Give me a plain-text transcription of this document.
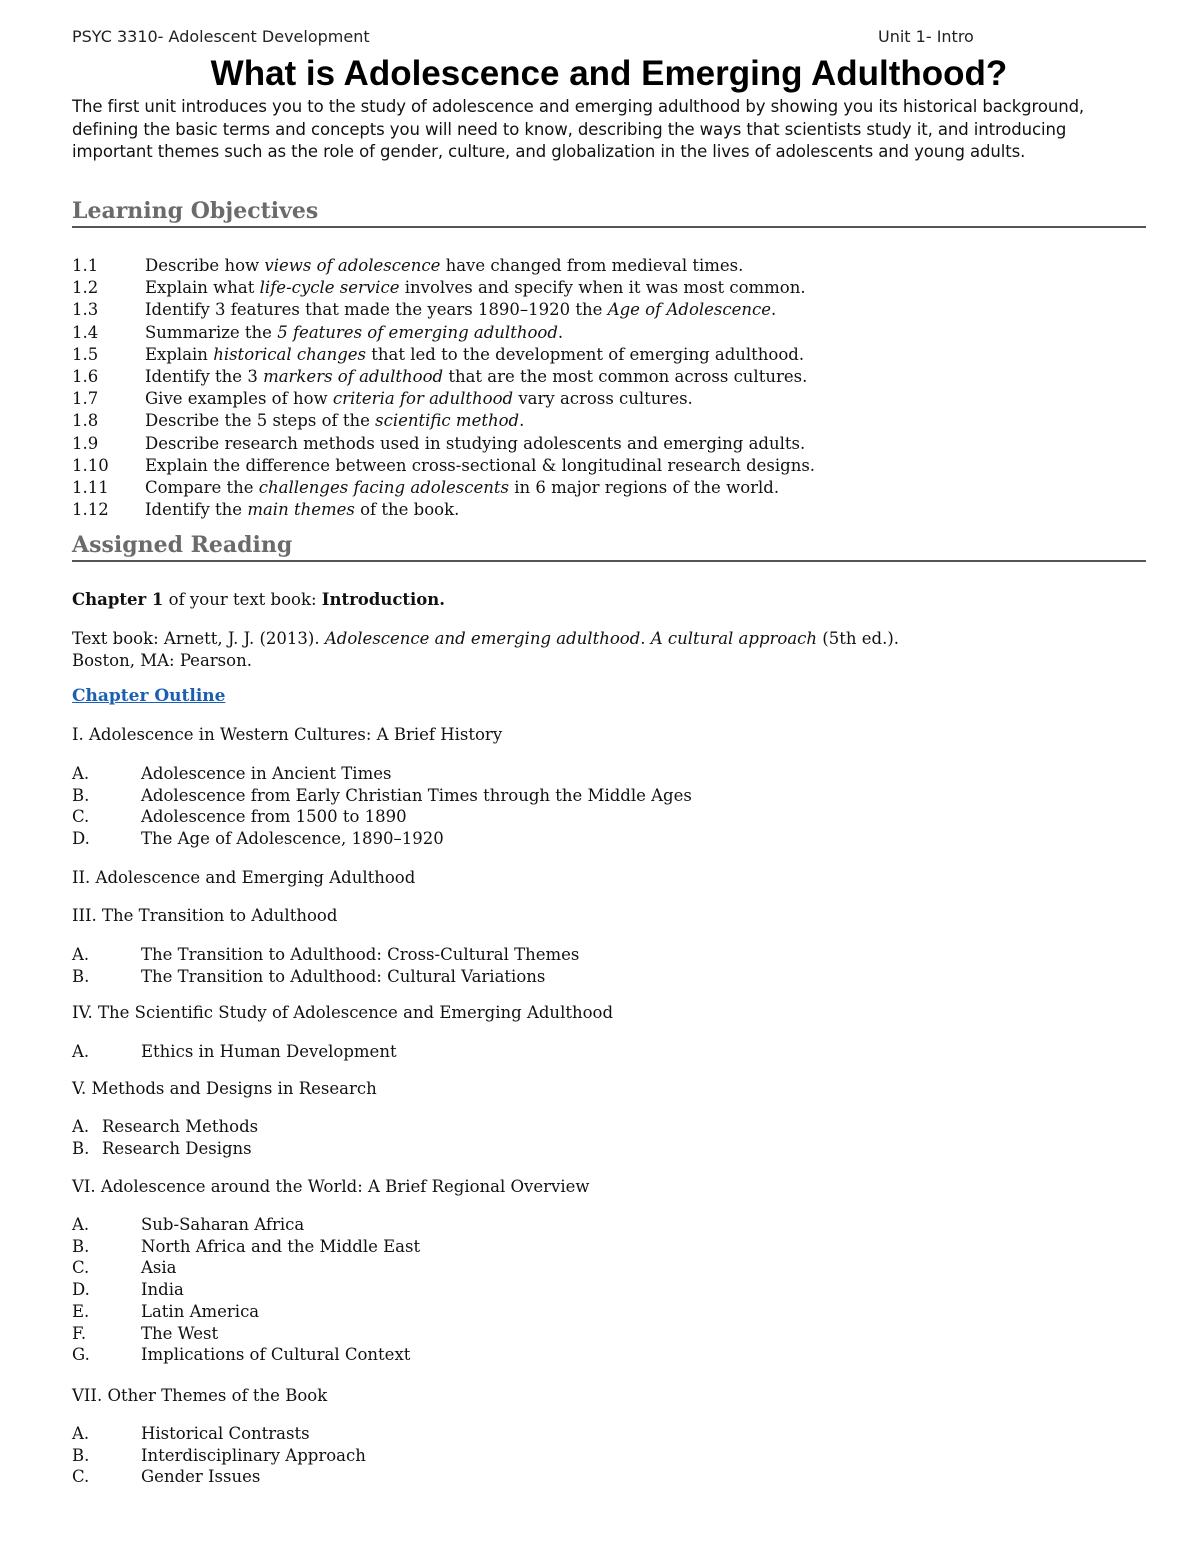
PSYC 3310- Adolescent Development	Unit 1- Intro
What is Adolescence and Emerging Adulthood?
The first unit introduces you to the study of adolescence and emerging adulthood by showing you its historical background, defining the basic terms and concepts you will need to know, describing the ways that scientists study it, and introducing important themes such as the role of gender, culture, and globalization in the lives of adolescents and young adults.
Learning Objectives
1.1	Describe how views of adolescence have changed from medieval times.
1.2	Explain what life-cycle service involves and specify when it was most common.
1.3	Identify 3 features that made the years 1890–1920 the Age of Adolescence.
1.4	Summarize the 5 features of emerging adulthood.
1.5	Explain historical changes that led to the development of emerging adulthood.
1.6	Identify the 3 markers of adulthood that are the most common across cultures.
1.7	Give examples of how criteria for adulthood vary across cultures.
1.8	Describe the 5 steps of the scientific method.
1.9	Describe research methods used in studying adolescents and emerging adults.
1.10 Explain the difference between cross-sectional & longitudinal research designs.
1.11 Compare the challenges facing adolescents in 6 major regions of the world.
1.12 Identify the main themes of the book.
Assigned Reading
Chapter 1 of your text book: Introduction.
Text book: Arnett, J. J. (2013). Adolescence and emerging adulthood. A cultural approach (5th ed.).
Boston, MA: Pearson.
Chapter Outline
I. Adolescence in Western Cultures: A Brief History
A.	Adolescence in Ancient Times
B.	Adolescence from Early Christian Times through the Middle Ages
C.	Adolescence from 1500 to 1890
D.	The Age of Adolescence, 1890–1920
II. Adolescence and Emerging Adulthood
III. The Transition to Adulthood
A.	The Transition to Adulthood: Cross-Cultural Themes
B.	The Transition to Adulthood: Cultural Variations
IV. The Scientific Study of Adolescence and Emerging Adulthood
A.	Ethics in Human Development
V. Methods and Designs in Research
A. Research Methods
B. Research Designs
VI. Adolescence around the World: A Brief Regional Overview
A.	Sub-Saharan Africa
B.	North Africa and the Middle East
C.	Asia
D.	India
E.	Latin America
F.	The West
G.	Implications of Cultural Context
VII. Other Themes of the Book
A.	Historical Contrasts
B.	Interdisciplinary Approach
C.	Gender Issues
